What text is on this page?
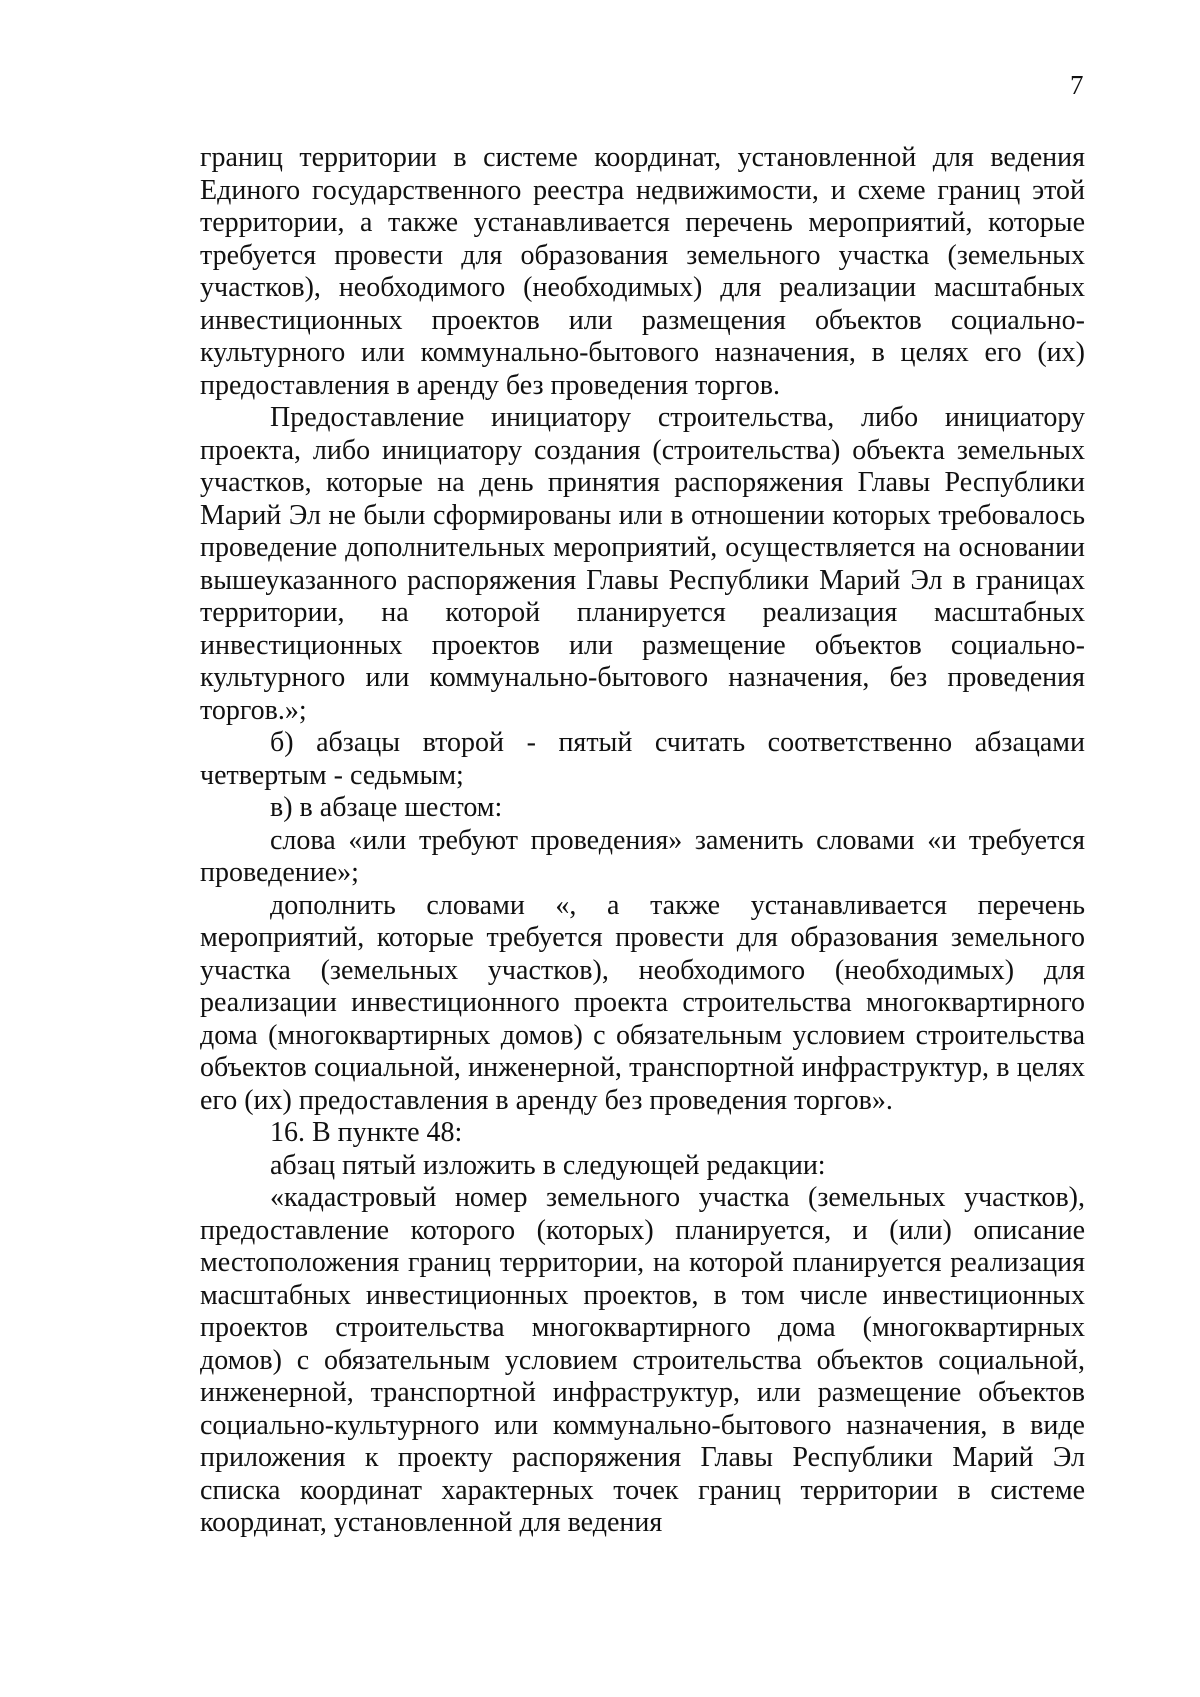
7

границ территории в системе координат, установленной для ведения Единого государственного реестра недвижимости, и схеме границ этой территории, а также устанавливается перечень мероприятий, которые требуется провести для образования земельного участка (земельных участков), необходимого (необходимых) для реализации масштабных инвестиционных проектов или размещения объектов социально-культурного или коммунально-бытового назначения, в целях его (их) предоставления в аренду без проведения торгов.

Предоставление инициатору строительства, либо инициатору проекта, либо инициатору создания (строительства) объекта земельных участков, которые на день принятия распоряжения Главы Республики Марий Эл не были сформированы или в отношении которых требовалось проведение дополнительных мероприятий, осуществляется на основании вышеуказанного распоряжения Главы Республики Марий Эл в границах территории, на которой планируется реализация масштабных инвестиционных проектов или размещение объектов социально-культурного или коммунально-бытового назначения, без проведения торгов.»;

б) абзацы второй - пятый считать соответственно абзацами четвертым - седьмым;

в) в абзаце шестом:

слова «или требуют проведения» заменить словами «и требуется проведение»;

дополнить словами «, а также устанавливается перечень мероприятий, которые требуется провести для образования земельного участка (земельных участков), необходимого (необходимых) для реализации инвестиционного проекта строительства многоквартирного дома (многоквартирных домов) с обязательным условием строительства объектов социальной, инженерной, транспортной инфраструктур, в целях его (их) предоставления в аренду без проведения торгов».

16. В пункте 48:

абзац пятый изложить в следующей редакции:

«кадастровый номер земельного участка (земельных участков), предоставление которого (которых) планируется, и (или) описание местоположения границ территории, на которой планируется реализация масштабных инвестиционных проектов, в том числе инвестиционных проектов строительства многоквартирного дома (многоквартирных домов) с обязательным условием строительства объектов социальной, инженерной, транспортной инфраструктур, или размещение объектов социально-культурного или коммунально-бытового назначения, в виде приложения к проекту распоряжения Главы Республики Марий Эл списка координат характерных точек границ территории в системе координат, установленной для ведения
